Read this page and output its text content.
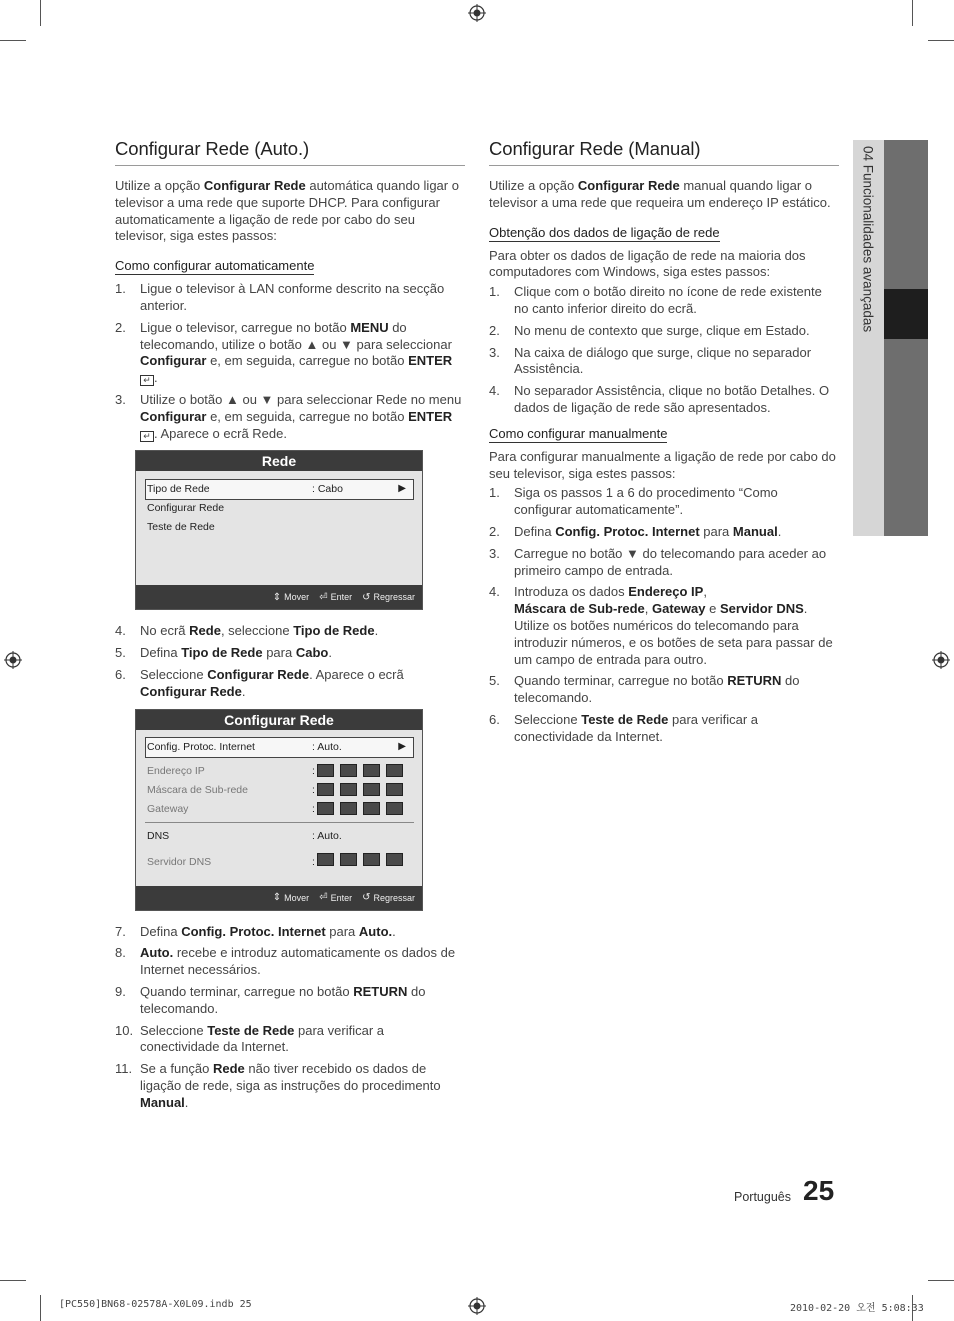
Configurar Rede (Auto.)

Utilize a opção Configurar Rede automática quando ligar o televisor a uma rede que suporte DHCP. Para configurar automaticamente a ligação de rede por cabo do seu televisor, siga estes passos:

Como configurar automaticamente
1. Ligue o televisor à LAN conforme descrito na secção anterior.
2. Ligue o televisor, carregue no botão MENU do telecomando, utilize o botão ▲ ou ▼ para seleccionar Configurar e, em seguida, carregue no botão ENTER ↵ .
3. Utilize o botão ▲ ou ▼ para seleccionar Rede no menu Configurar e, em seguida, carregue no botão ENTER ↵ . Aparece o ecrã Rede.
Rede
Tipo de Rede	: Cabo	▶
Configurar Rede
Teste de Rede
⇕ Mover ⏎ Enter ↺ Regressar
4. No ecrã Rede, seleccione Tipo de Rede.
5. Defina Tipo de Rede para Cabo.
6. Seleccione Configurar Rede. Aparece o ecrã Configurar Rede.
Configurar Rede
Config. Protoc. Internet	: Auto.	▶
Endereço IP	:
Máscara de Sub-rede	:
Gateway	:
DNS	: Auto.
Servidor DNS	:
⇕ Mover ⏎ Enter ↺ Regressar
7. Defina Config. Protoc. Internet para Auto..
8. Auto. recebe e introduz automaticamente os dados de Internet necessários.
9. Quando terminar, carregue no botão RETURN do telecomando.
10. Seleccione Teste de Rede para verificar a conectividade da Internet.
11. Se a função Rede não tiver recebido os dados de ligação de rede, siga as instruções do procedimento Manual.
Configurar Rede (Manual)

Utilize a opção Configurar Rede manual quando ligar o televisor a uma rede que requeira um endereço IP estático.

Obtenção dos dados de ligação de rede

Para obter os dados de ligação de rede na maioria dos computadores com Windows, siga estes passos:

1. Clique com o botão direito no ícone de rede existente no canto inferior direito do ecrã.
2. No menu de contexto que surge, clique em Estado.
3. Na caixa de diálogo que surge, clique no separador Assistência.
4. No separador Assistência, clique no botão Detalhes. O dados de ligação de rede são apresentados.
Como configurar manualmente

Para configurar manualmente a ligação de rede por cabo do seu televisor, siga estes passos:

1. Siga os passos 1 a 6 do procedimento “Como configurar automaticamente”.
2. Defina Config. Protoc. Internet para Manual.
3. Carregue no botão ▼ do telecomando para aceder ao primeiro campo de entrada.
4. Introduza os dados Endereço IP,
Máscara de Sub-rede, Gateway e Servidor DNS. Utilize os botões numéricos do telecomando para introduzir números, e os botões de seta para passar de um campo de entrada para outro.
5. Quando terminar, carregue no botão RETURN do telecomando.
6. Seleccione Teste de Rede para verificar a conectividade da Internet.
04 Funcionalidades avançadas
Português 25
[PC550]BN68-02578A-X0L09.indb 25	2010-02-20 오전 5:08:33
